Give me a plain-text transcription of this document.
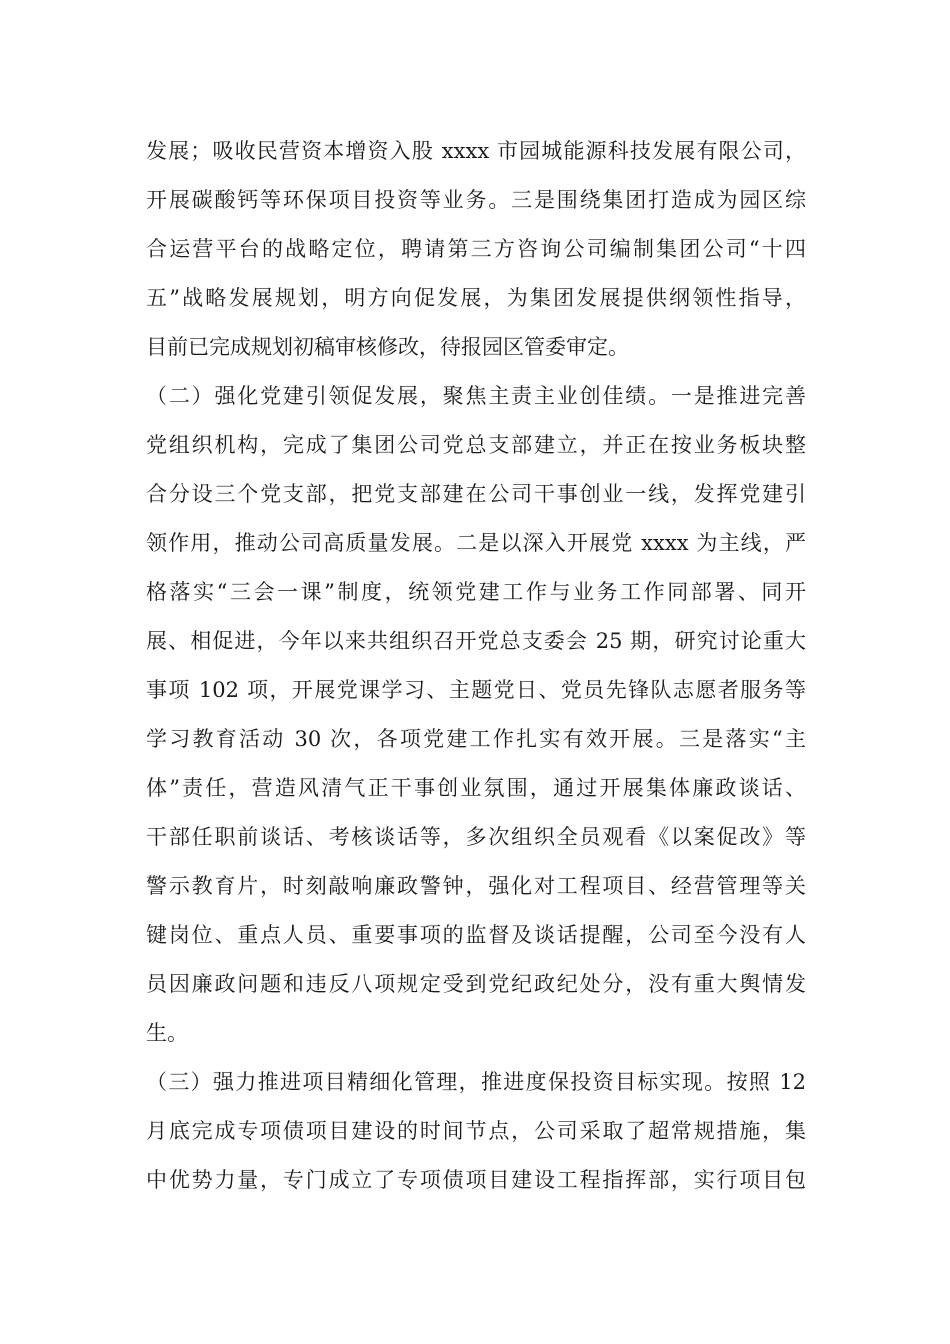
发展；吸收民营资本增资入股 xxxx 市园城能源科技发展有限公司，
开展碳酸钙等环保项目投资等业务。三是围绕集团打造成为园区综
合运营平台的战略定位，聘请第三方咨询公司编制集团公司“十四
五”战略发展规划，明方向促发展，为集团发展提供纲领性指导，
目前已完成规划初稿审核修改，待报园区管委审定。
（二）强化党建引领促发展，聚焦主责主业创佳绩。一是推进完善
党组织机构，完成了集团公司党总支部建立，并正在按业务板块整
合分设三个党支部，把党支部建在公司干事创业一线，发挥党建引
领作用，推动公司高质量发展。二是以深入开展党 xxxx 为主线，严
格落实“三会一课”制度，统领党建工作与业务工作同部署、同开
展、相促进，今年以来共组织召开党总支委会 25 期，研究讨论重大
事项 102 项，开展党课学习、主题党日、党员先锋队志愿者服务等
学习教育活动 30 次，各项党建工作扎实有效开展。三是落实“主
体”责任，营造风清气正干事创业氛围，通过开展集体廉政谈话、
干部任职前谈话、考核谈话等，多次组织全员观看《以案促改》等
警示教育片，时刻敲响廉政警钟，强化对工程项目、经营管理等关
键岗位、重点人员、重要事项的监督及谈话提醒，公司至今没有人
员因廉政问题和违反八项规定受到党纪政纪处分，没有重大舆情发
生。
（三）强力推进项目精细化管理，推进度保投资目标实现。按照 12
月底完成专项债项目建设的时间节点，公司采取了超常规措施，集
中优势力量，专门成立了专项债项目建设工程指挥部，实行项目包
